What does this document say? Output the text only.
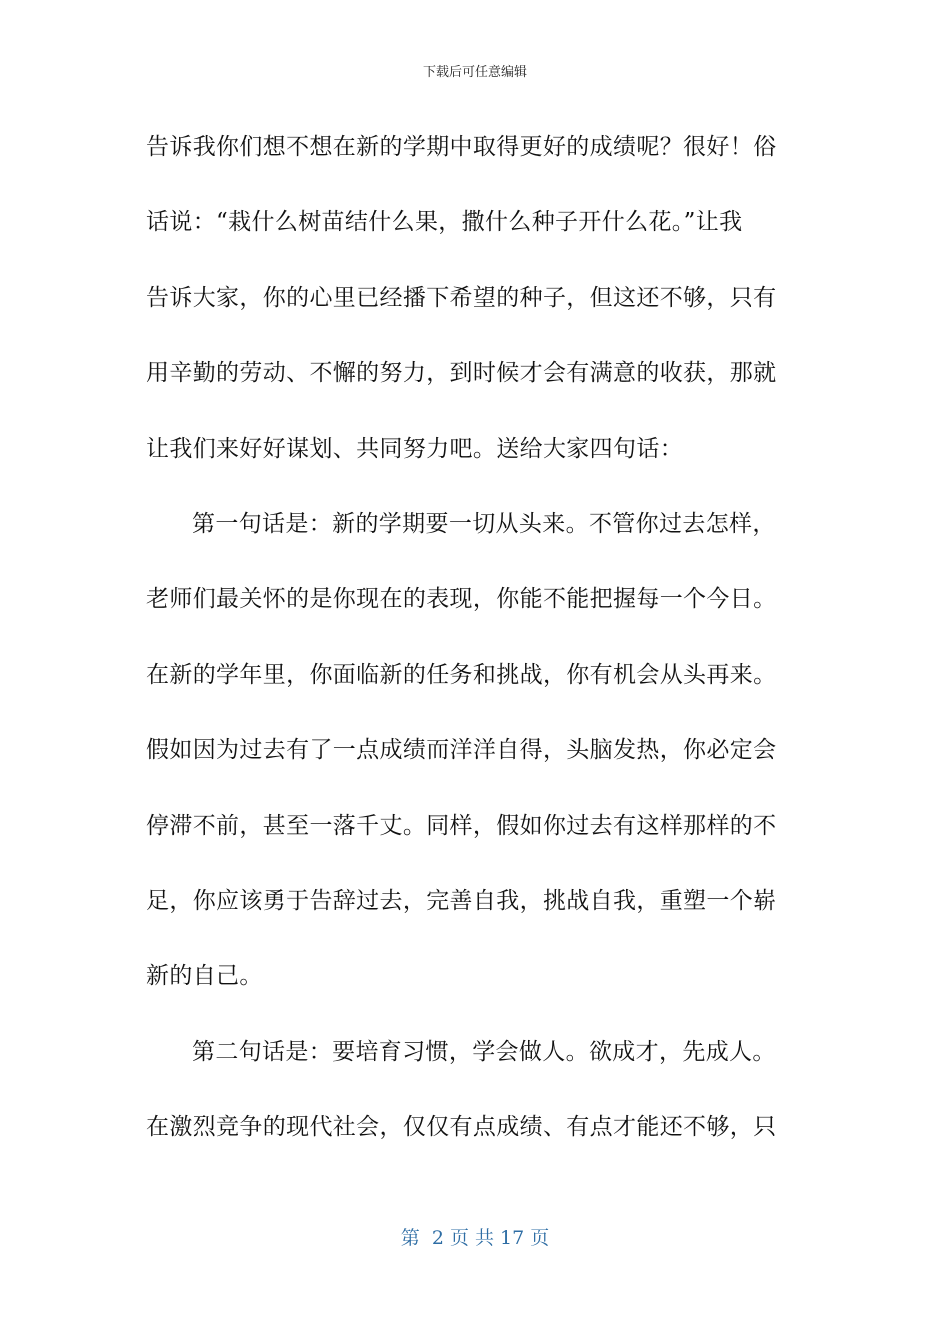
下载后可任意编辑
告诉我你们想不想在新的学期中取得更好的成绩呢？很好！俗
话说：“栽什么树苗结什么果，撒什么种子开什么花。”让我
告诉大家，你的心里已经播下希望的种子，但这还不够，只有
用辛勤的劳动、不懈的努力，到时候才会有满意的收获，那就
让我们来好好谋划、共同努力吧。送给大家四句话：
第一句话是：新的学期要一切从头来。不管你过去怎样，
老师们最关怀的是你现在的表现，你能不能把握每一个今日。
在新的学年里，你面临新的任务和挑战，你有机会从头再来。
假如因为过去有了一点成绩而洋洋自得，头脑发热，你必定会
停滞不前，甚至一落千丈。同样，假如你过去有这样那样的不
足，你应该勇于告辞过去，完善自我，挑战自我，重塑一个崭
新的自己。
第二句话是：要培育习惯，学会做人。欲成才，先成人。
在激烈竞争的现代社会，仅仅有点成绩、有点才能还不够，只
第  2 页 共 17 页
